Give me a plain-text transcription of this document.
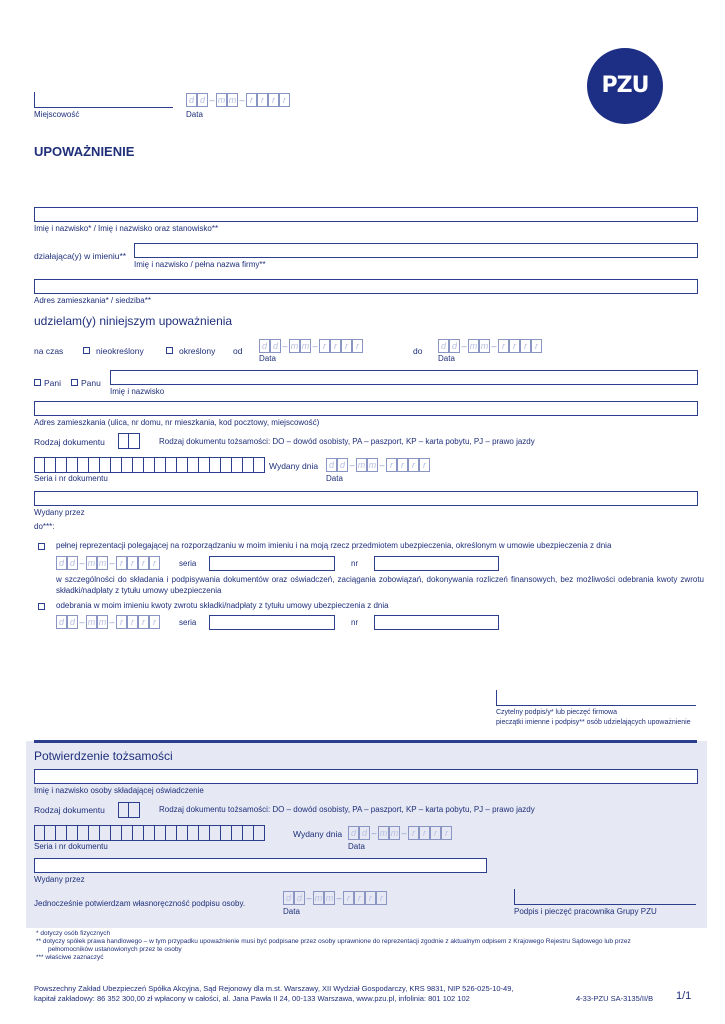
PZU
Miejscowość
d d – m m – r r r r
Data
UPOWAŻNIENIE
Imię i nazwisko* / Imię i nazwisko oraz stanowisko**
działająca(y) w imieniu**
Imię i nazwisko / pełna nazwa firmy**
Adres zamieszkania* / siedziba**
udzielam(y) niniejszym upoważnienia
na czas	nieokreślony	określony od	d d – m m – r r r r
Data
do	d d – m m – r r r r
Data
Pani Panu
Imię i nazwisko
Adres zamieszkania (ulica, nr domu, nr mieszkania, kod pocztowy, miejscowość)
Rodzaj dokumentu	Rodzaj dokumentu tożsamości: DO – dowód osobisty, PA – paszport, KP – karta pobytu, PJ – prawo jazdy
Wydany dnia	d d – m m – r r r r
Data
Seria i nr dokumentu
Wydany przez
do***:
pełnej reprezentacji polegającej na rozporządzaniu w moim imieniu i na moją rzecz przedmiotem ubezpieczenia, określonym w umowie ubezpieczenia z dnia
d d – m m – r r r r	seria	nr
w szczególności do składania i podpisywania dokumentów oraz oświadczeń, zaciągania zobowiązań, dokonywania rozliczeń finansowych, bez możliwości odebrania kwoty zwrotu składki/nadpłaty z tytułu umowy ubezpieczenia
odebrania w moim imieniu kwoty zwrotu składki/nadpłaty z tytułu umowy ubezpieczenia z dnia
d d – m m – r r r r	seria	nr
Czytelny podpis/y* lub pieczęć firmowa
pieczątki imienne i podpisy** osób udzielających upoważnienie
Potwierdzenie tożsamości
Imię i nazwisko osoby składającej oświadczenie
Rodzaj dokumentu	Rodzaj dokumentu tożsamości: DO – dowód osobisty, PA – paszport, KP – karta pobytu, PJ – prawo jazdy
Wydany dnia d d – m m – r r r r
Data
Seria i nr dokumentu
Wydany przez
Jednocześnie potwierdzam własnoręczność podpisu osoby.
d d – m m – r r r r
Data	Podpis i pieczęć pracownika Grupy PZU
* dotyczy osób fizycznych
** dotyczy spółek prawa handlowego – w tym przypadku upoważnienie musi być podpisane przez osoby uprawnione do reprezentacji zgodnie z aktualnym odpisem z Krajowego Rejestru Sądowego lub przez
pełnomocników ustanowionych przez te osoby
*** właściwe zaznaczyć
Powszechny Zakład Ubezpieczeń Spółka Akcyjna, Sąd Rejonowy dla m.st. Warszawy, XII Wydział Gospodarczy, KRS 9831, NIP 526-025-10-49,
kapitał zakładowy: 86 352 300,00 zł wpłacony w całości, al. Jana Pawła II 24, 00-133 Warszawa, www.pzu.pl, infolinia: 801 102 102	4-33-PZU SA-3135/II/B 1/1
